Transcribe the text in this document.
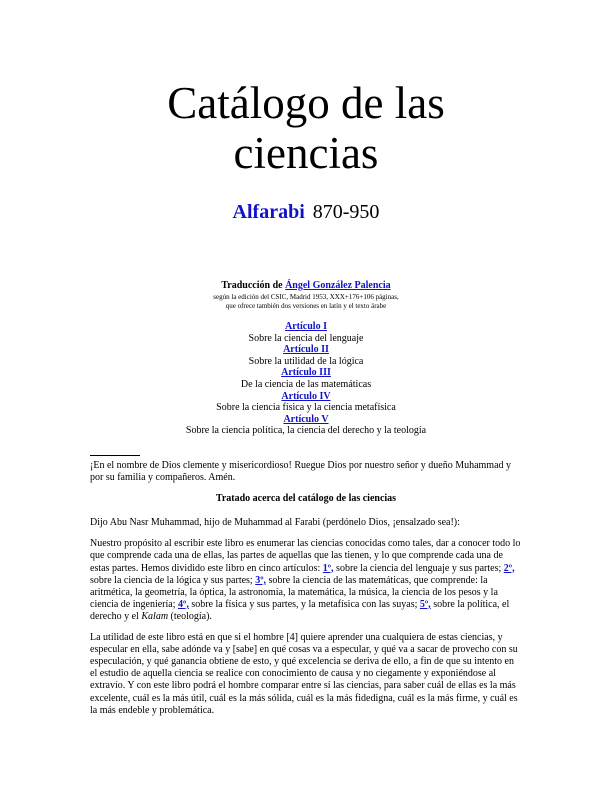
Catálogo de las
ciencias
Alfarabi 870-950
Traducción de Ángel González Palencia
según la edición del CSIC, Madrid 1953, XXX+176+106 páginas,
que ofrece también dos versiones en latín y el texto árabe
Artículo I
Sobre la ciencia del lenguaje
Artículo II
Sobre la utilidad de la lógica
Artículo III
De la ciencia de las matemáticas
Artículo IV
Sobre la ciencia física y la ciencia metafísica
Artículo V
Sobre la ciencia política, la ciencia del derecho y la teología

¡En el nombre de Dios clemente y misericordioso! Ruegue Dios por nuestro señor y dueño Muhammad y por su familia y compañeros. Amén.

Tratado acerca del catálogo de las ciencias

Dijo Abu Nasr Muhammad, hijo de Muhammad al Farabi (perdónelo Dios, ¡ensalzado sea!):

Nuestro propósito al escribir este libro es enumerar las ciencias conocidas como tales, dar a conocer todo lo que comprende cada una de ellas, las partes de aquellas que las tienen, y lo que comprende cada una de estas partes. Hemos dividido este libro en cinco artículos: 1º, sobre la ciencia del lenguaje y sus partes; 2º, sobre la ciencia de la lógica y sus partes; 3º, sobre la ciencia de las matemáticas, que comprende: la aritmética, la geometría, la óptica, la astronomía, la matemática, la música, la ciencia de los pesos y la ciencia de ingeniería; 4º, sobre la física y sus partes, y la metafísica con las suyas; 5º, sobre la política, el derecho y el Kalam (teología).

La utilidad de este libro está en que si el hombre [4] quiere aprender una cualquiera de estas ciencias, y especular en ella, sabe adónde va y [sabe] en qué cosas va a especular, y qué va a sacar de provecho con su especulación, y qué ganancia obtiene de esto, y qué excelencia se deriva de ello, a fin de que su intento en el estudio de aquella ciencia se realice con conocimiento de causa y no ciegamente y exponiéndose al extravío. Y con este libro podrá el hombre comparar entre sí las ciencias, para saber cuál de ellas es la más excelente, cuál es la más útil, cuál es la más sólida, cuál es la más fidedigna, cuál es la más firme, y cuál es la más endeble y problemática.
